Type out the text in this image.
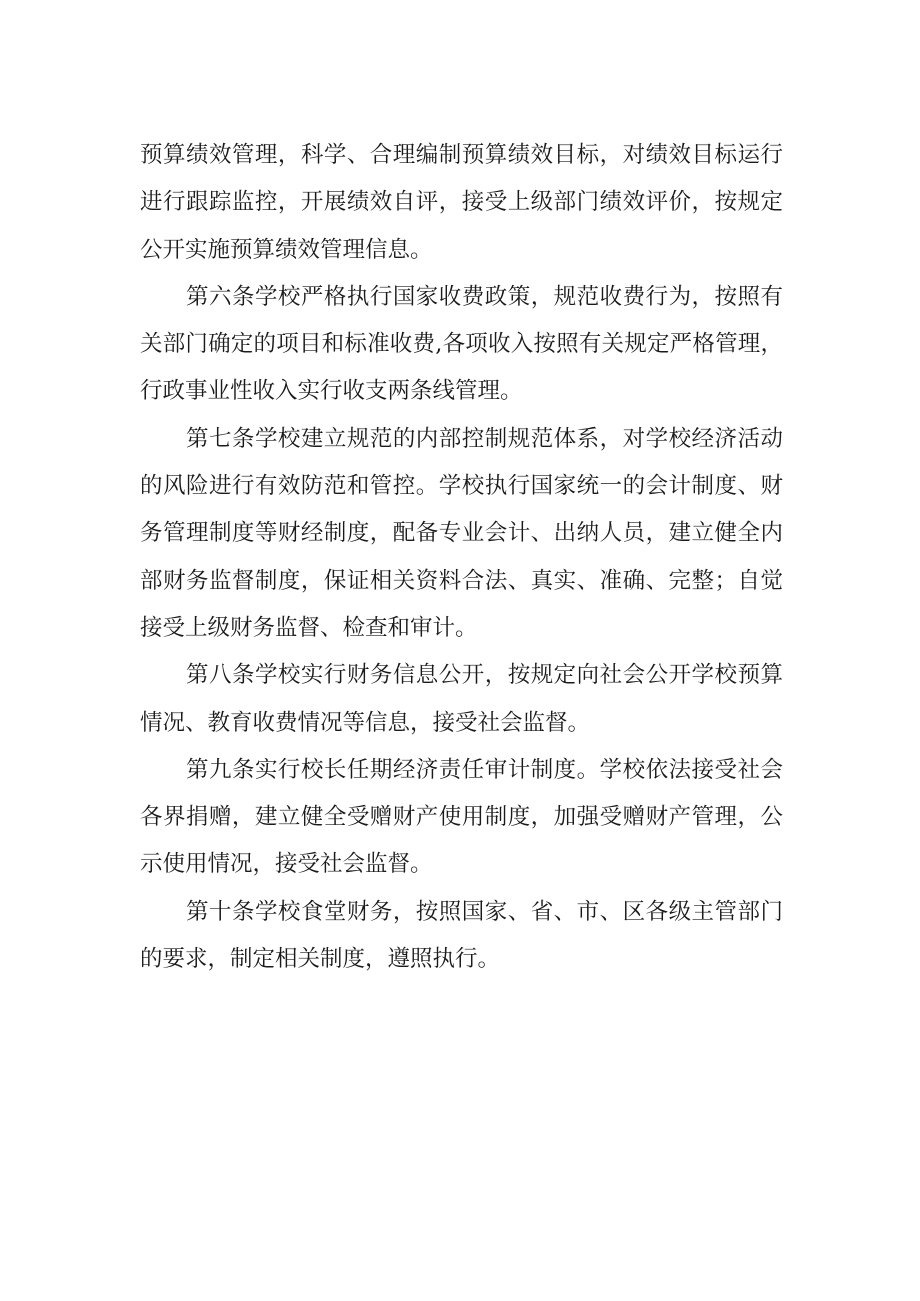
预算绩效管理，科学、合理编制预算绩效目标，对绩效目标运行
进行跟踪监控，开展绩效自评，接受上级部门绩效评价，按规定
公开实施预算绩效管理信息。
第六条学校严格执行国家收费政策，规范收费行为，按照有
关部门确定的项目和标准收费,各项收入按照有关规定严格管理，
行政事业性收入实行收支两条线管理。
第七条学校建立规范的内部控制规范体系，对学校经济活动
的风险进行有效防范和管控。学校执行国家统一的会计制度、财
务管理制度等财经制度，配备专业会计、出纳人员，建立健全内
部财务监督制度，保证相关资料合法、真实、准确、完整；自觉
接受上级财务监督、检查和审计。
第八条学校实行财务信息公开，按规定向社会公开学校预算
情况、教育收费情况等信息，接受社会监督。
第九条实行校长任期经济责任审计制度。学校依法接受社会
各界捐赠，建立健全受赠财产使用制度，加强受赠财产管理，公
示使用情况，接受社会监督。
第十条学校食堂财务，按照国家、省、市、区各级主管部门
的要求，制定相关制度，遵照执行。
